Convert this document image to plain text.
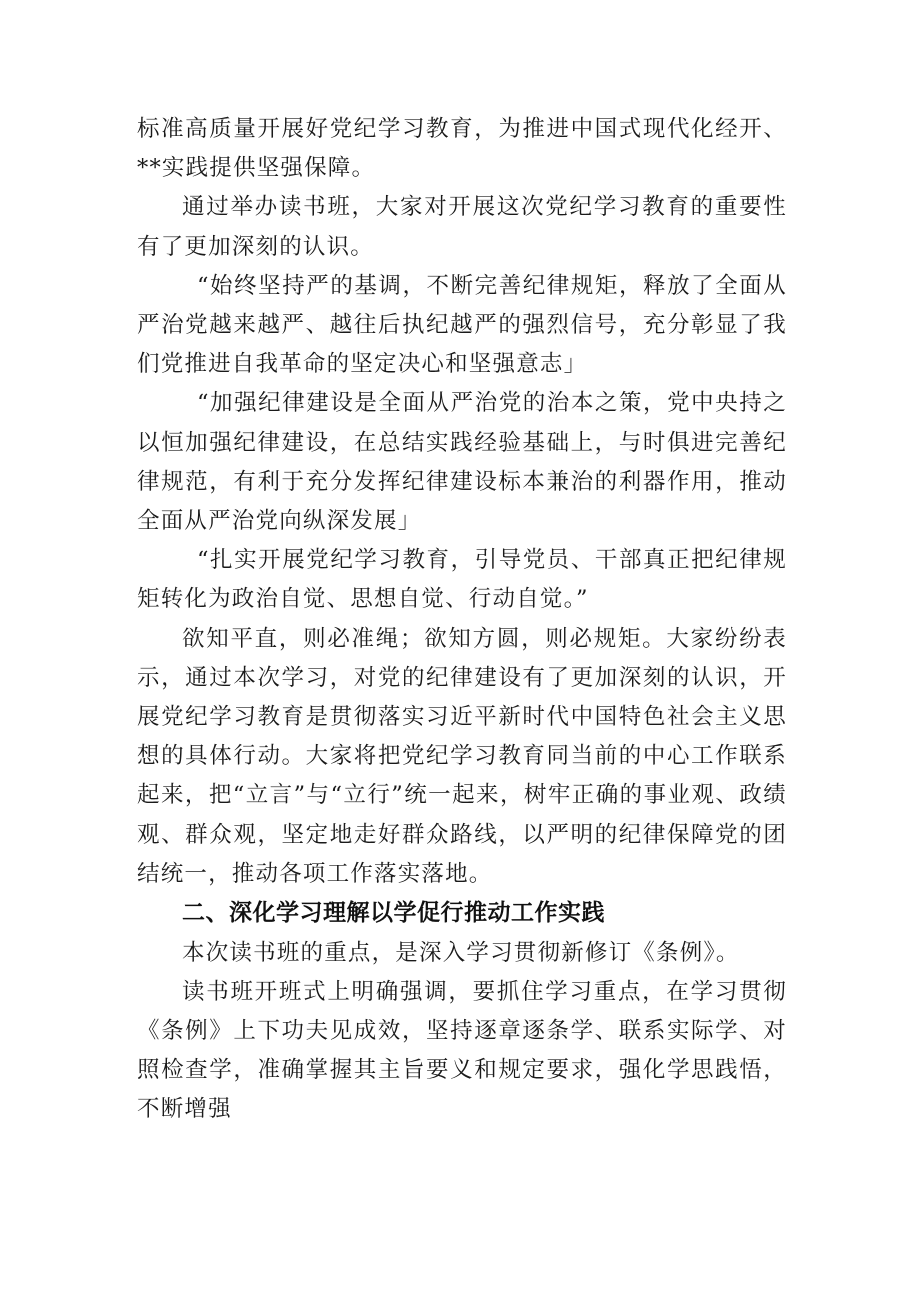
标准高质量开展好党纪学习教育，为推进中国式现代化经开、**实践提供坚强保障。

通过举办读书班，大家对开展这次党纪学习教育的重要性有了更加深刻的认识。

“始终坚持严的基调，不断完善纪律规矩，释放了全面从严治党越来越严、越往后执纪越严的强烈信号，充分彰显了我们党推进自我革命的坚定决心和坚强意志」

“加强纪律建设是全面从严治党的治本之策，党中央持之以恒加强纪律建设，在总结实践经验基础上，与时俱进完善纪律规范，有利于充分发挥纪律建设标本兼治的利器作用，推动全面从严治党向纵深发展」

“扎实开展党纪学习教育，引导党员、干部真正把纪律规矩转化为政治自觉、思想自觉、行动自觉。”

欲知平直，则必准绳；欲知方圆，则必规矩。大家纷纷表示，通过本次学习，对党的纪律建设有了更加深刻的认识，开展党纪学习教育是贯彻落实习近平新时代中国特色社会主义思想的具体行动。大家将把党纪学习教育同当前的中心工作联系起来，把“立言”与“立行”统一起来，树牢正确的事业观、政绩观、群众观，坚定地走好群众路线，以严明的纪律保障党的团结统一，推动各项工作落实落地。

二、深化学习理解以学促行推动工作实践

本次读书班的重点，是深入学习贯彻新修订《条例》。

读书班开班式上明确强调，要抓住学习重点，在学习贯彻《条例》上下功夫见成效，坚持逐章逐条学、联系实际学、对照检查学，准确掌握其主旨要义和规定要求，强化学思践悟，不断增强
